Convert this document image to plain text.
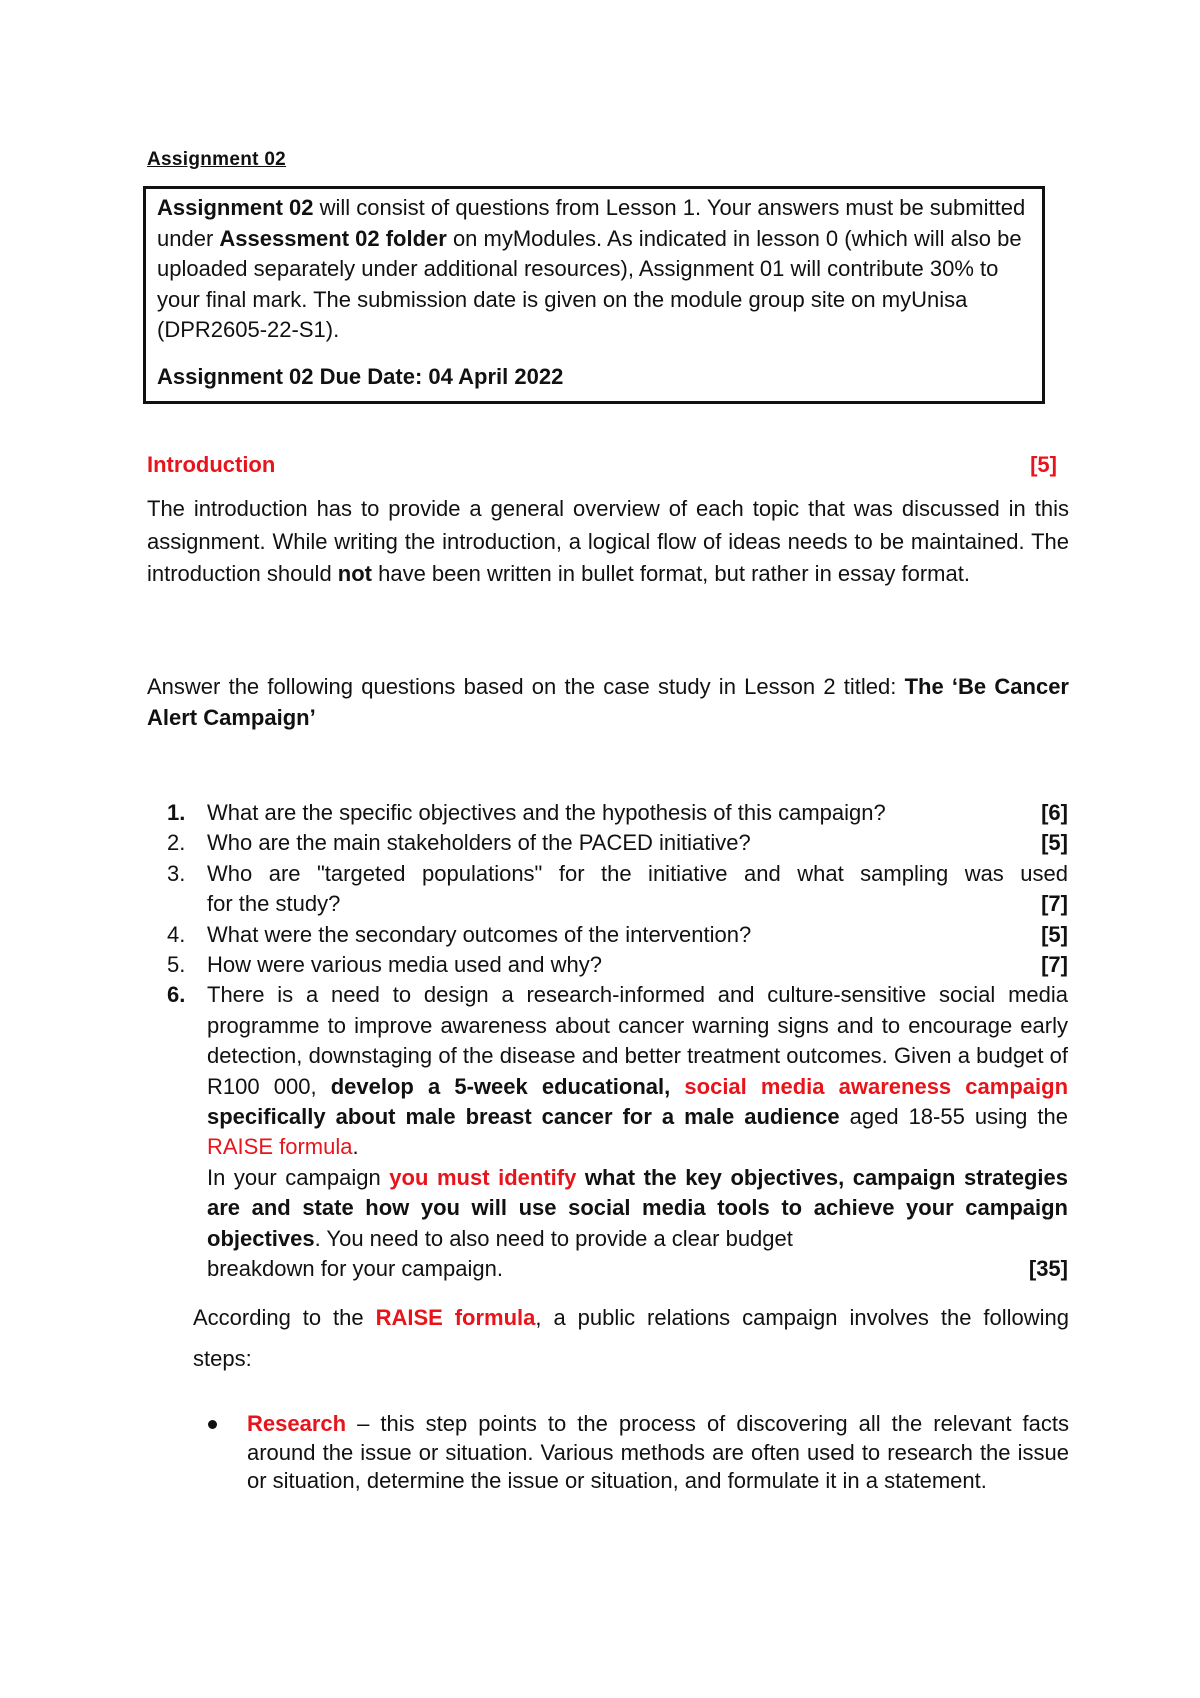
Assignment 02

Assignment 02 will consist of questions from Lesson 1. Your answers must be submitted under Assessment 02 folder on myModules. As indicated in lesson 0 (which will also be uploaded separately under additional resources), Assignment 01 will contribute 30% to your final mark. The submission date is given on the module group site on myUnisa (DPR2605-22-S1).

Assignment 02 Due Date: 04 April 2022

Introduction	[5]
The introduction has to provide a general overview of each topic that was discussed in this assignment. While writing the introduction, a logical flow of ideas needs to be maintained. The introduction should not have been written in bullet format, but rather in essay format.
Answer the following questions based on the case study in Lesson 2 titled: The ‘Be Cancer Alert Campaign’
1. What are the specific objectives and the hypothesis of this campaign?	[6]
2. Who are the main stakeholders of the PACED initiative?	[5]
3. Who are "targeted populations" for the initiative and what sampling was used
for the study?	[7]
4. What were the secondary outcomes of the intervention?	[5]
5. How were various media used and why?	[7]
6. There is a need to design a research-informed and culture-sensitive social media programme to improve awareness about cancer warning signs and to encourage early detection, downstaging of the disease and better treatment outcomes. Given a budget of R100 000, develop a 5-week educational, social media awareness campaign specifically about male breast cancer for a male audience aged 18-55 using the RAISE formula.
In your campaign you must identify what the key objectives, campaign strategies are and state how you will use social media tools to achieve your campaign objectives. You need to also need to provide a clear budget
breakdown for your campaign.	[35]
According to the RAISE formula, a public relations campaign involves the following steps:
Research – this step points to the process of discovering all the relevant facts around the issue or situation. Various methods are often used to research the issue or situation, determine the issue or situation, and formulate it in a statement.
